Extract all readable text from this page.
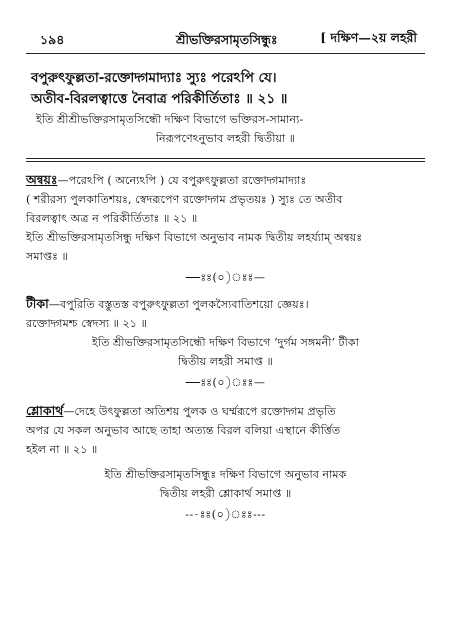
১৯৪	শ্রীভক্তিরসামৃতসিন্ধুঃ	[ দক্ষিণ—২য় লহরী
বপুরুৎফুল্লতা-রক্তোদ্গমাদ্যাঃ স্যুঃ পরেঽপি যে।
অতীব-বিরলত্বাত্তে নৈবাত্র পরিকীর্তিতাঃ ॥ ২১ ॥
ইতি শ্রীশ্রীভক্তিরসামৃতসিন্ধৌ দক্ষিণ বিভাগে ভক্তিরস-সামান্য-
নিরূপণেঽনুভাব লহরী দ্বিতীয়া ॥
অন্বয়ঃ—পরেঽপি ( অন্যেঽপি ) যে বপুরুৎফুল্লতা রক্তোদ্গমাদ্যাঃ
( শরীরস্য পুলকাতিশয়ঃ, স্বেদরূপেণ রক্তোদ্গম প্রভৃতয়ঃ ) স্যুঃ তে অতীব
বিরলত্বাৎ অত্র ন পরিকীর্তিতাঃ ॥ ২১ ॥
ইতি শ্রীভক্তিরসামৃতসিন্ধু দক্ষিণ বিভাগে অনুভাব নামক দ্বিতীয় লহর্য্যাম্ অন্বয়ঃ
সমাপ্তঃ ॥
—ঃঃ(০)ঃঃ—
টীকা—বপুরিতি বস্তুতস্ত বপুরুৎফুল্লতা পুলকস্যৈবাতিশয়ো জ্ঞেয়ঃ।
রক্তোদ্গমশ্চ স্বেদস্য ॥ ২১ ॥
ইতি শ্রীভক্তিরসামৃতসিন্ধৌ দক্ষিণ বিভাগে ‘দুর্গম সঙ্গমনী’ টীকা
দ্বিতীয় লহরী সমাপ্ত ॥
—ঃঃ(০)ঃঃ—
শ্লোকার্থ—দেহে উৎফুল্লতা অতিশয় পুলক ও ঘর্ম্মরূপে রক্তোদ্গম প্রভৃতি
অপর যে সকল অনুভাব আছে তাহা অত্যন্ত বিরল বলিয়া এস্থানে কীর্ত্তিত
হইল না ॥ ২১ ॥
ইতি শ্রীভক্তিরসামৃতসিন্ধুঃ দক্ষিণ বিভাগে অনুভাব নামক
দ্বিতীয় লহরী শ্লোকার্থ সমাপ্ত ॥
---ঃঃ(০)ঃঃ---
